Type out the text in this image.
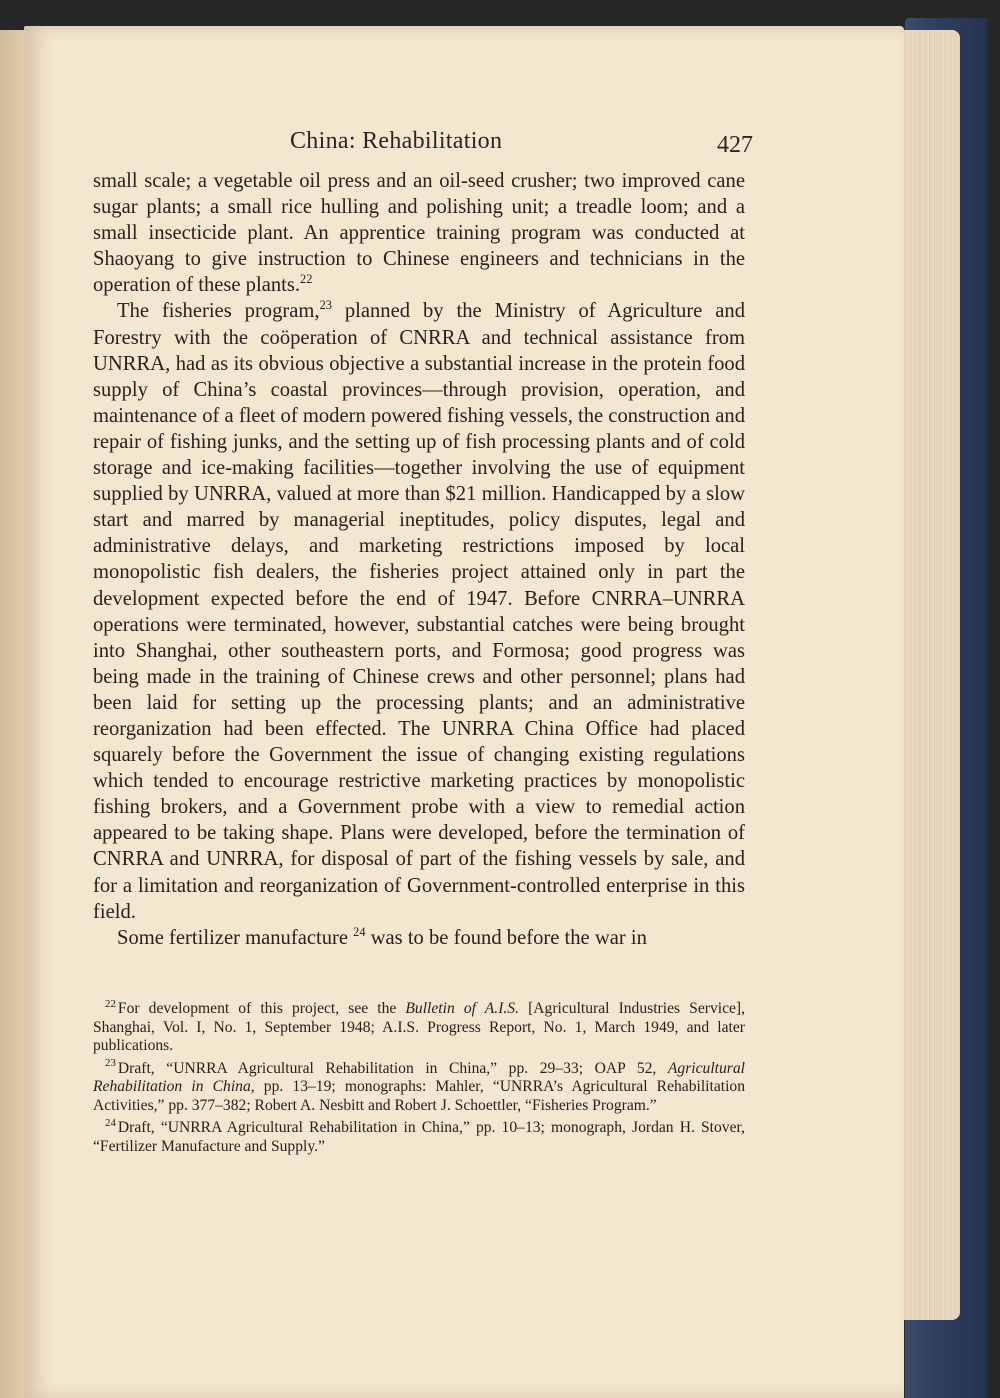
China: Rehabilitation	427

small scale; a vegetable oil press and an oil-seed crusher; two improved cane sugar plants; a small rice hulling and polishing unit; a treadle loom; and a small insecticide plant. An apprentice training program was conducted at Shaoyang to give instruction to Chinese engineers and technicians in the operation of these plants.$^{22}$

The fisheries program,$^{23}$ planned by the Ministry of Agriculture and Forestry with the coöperation of CNRRA and technical assistance from UNRRA, had as its obvious objective a substantial increase in the protein food supply of China’s coastal provinces—through provision, operation, and maintenance of a fleet of modern powered fishing vessels, the construction and repair of fishing junks, and the setting up of fish processing plants and of cold storage and ice-making facilities—together involving the use of equipment supplied by UNRRA, valued at more than $21 million. Handicapped by a slow start and marred by managerial ineptitudes, policy disputes, legal and administrative delays, and marketing restrictions imposed by local monopolistic fish dealers, the fisheries project attained only in part the development expected before the end of 1947. Before CNRRA–UNRRA operations were terminated, however, substantial catches were being brought into Shanghai, other southeastern ports, and Formosa; good progress was being made in the training of Chinese crews and other personnel; plans had been laid for setting up the processing plants; and an administrative reorganization had been effected. The UNRRA China Office had placed squarely before the Government the issue of changing existing regulations which tended to encourage restrictive marketing practices by monopolistic fishing brokers, and a Government probe with a view to remedial action appeared to be taking shape. Plans were developed, before the termination of CNRRA and UNRRA, for disposal of part of the fishing vessels by sale, and for a limitation and reorganization of Government-controlled enterprise in this field.

Some fertilizer manufacture $^{24}$ was to be found before the war in

$^{22}$ For development of this project, see the Bulletin of A.I.S. [Agricultural Industries Service], Shanghai, Vol. I, No. 1, September 1948; A.I.S. Progress Report, No. 1, March 1949, and later publications.

$^{23}$ Draft, “UNRRA Agricultural Rehabilitation in China,” pp. 29–33; OAP 52, Agricultural Rehabilitation in China, pp. 13–19; monographs: Mahler, “UNRRA’s Agricultural Rehabilitation Activities,” pp. 377–382; Robert A. Nesbitt and Robert J. Schoettler, “Fisheries Program.”

$^{24}$ Draft, “UNRRA Agricultural Rehabilitation in China,” pp. 10–13; monograph, Jordan H. Stover, “Fertilizer Manufacture and Supply.”
